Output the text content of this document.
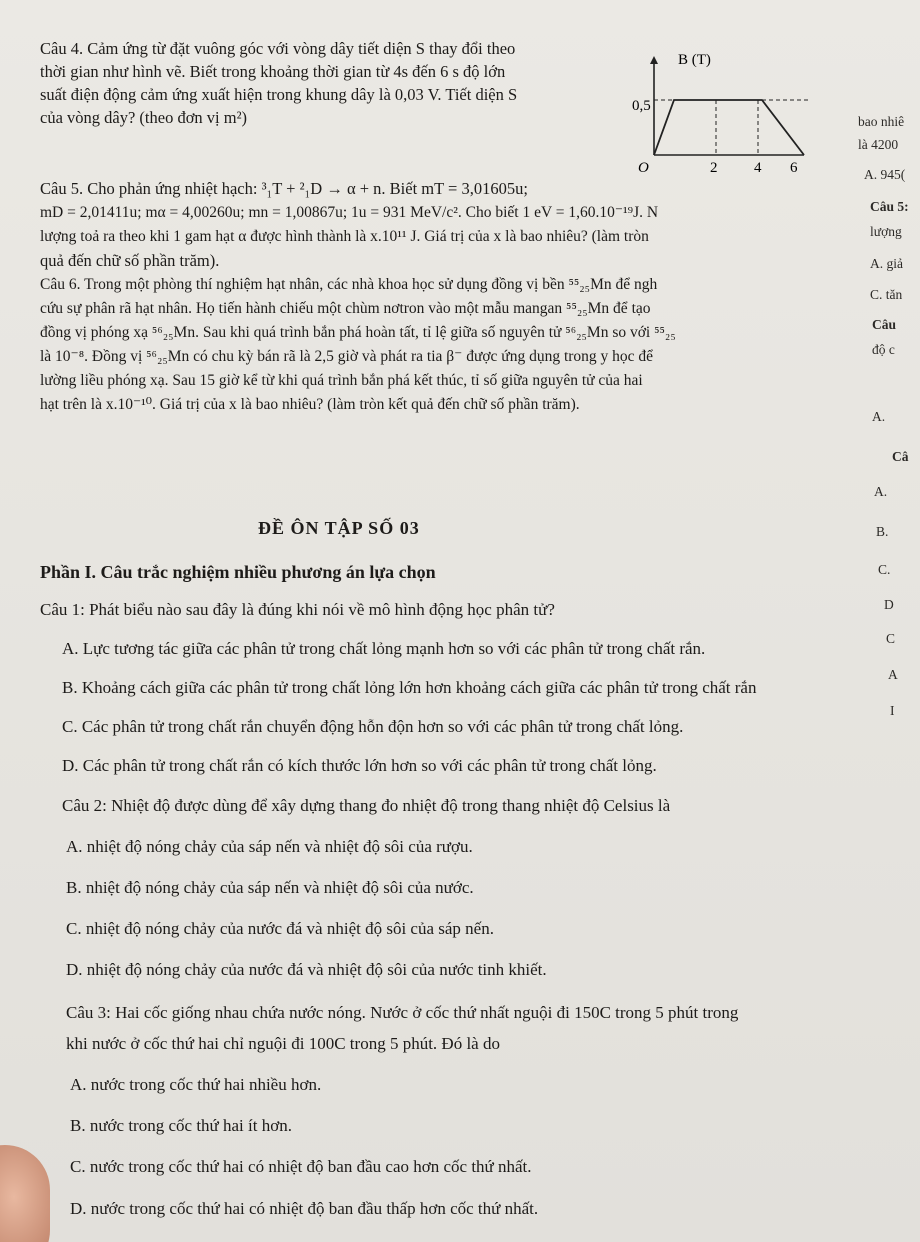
Câu 4. Cảm ứng từ đặt vuông góc với vòng dây tiết diện S thay đổi theo
thời gian như hình vẽ. Biết trong khoảng thời gian từ 4s đến 6 s độ lớn
suất điện động cảm ứng xuất hiện trong khung dây là 0,03 V. Tiết diện S
của vòng dây? (theo đơn vị m²)
B (T)
0,5
O	2 4 6
Câu 5. Cho phản ứng nhiệt hạch: ³₁T + ²₁D → α + n. Biết mT = 3,01605u;
mD = 2,01411u; mα = 4,00260u; mn = 1,00867u; 1u = 931 MeV/c². Cho biết 1 eV = 1,60.10⁻¹⁹J. N
lượng toả ra theo khi 1 gam hạt α được hình thành là x.10¹¹ J. Giá trị của x là bao nhiêu? (làm tròn
quả đến chữ số phần trăm).
Câu 6. Trong một phòng thí nghiệm hạt nhân, các nhà khoa học sử dụng đồng vị bền ⁵⁵₂₅Mn để ngh
cứu sự phân rã hạt nhân. Họ tiến hành chiếu một chùm nơtron vào một mẫu mangan ⁵⁵₂₅Mn để tạo
đồng vị phóng xạ ⁵⁶₂₅Mn. Sau khi quá trình bắn phá hoàn tất, tỉ lệ giữa số nguyên tử ⁵⁶₂₅Mn so với ⁵⁵₂₅
là 10⁻⁸. Đồng vị ⁵⁶₂₅Mn có chu kỳ bán rã là 2,5 giờ và phát ra tia β⁻ được ứng dụng trong y học để
lường liều phóng xạ. Sau 15 giờ kể từ khi quá trình bắn phá kết thúc, tỉ số giữa nguyên tử của hai
hạt trên là x.10⁻¹⁰. Giá trị của x là bao nhiêu? (làm tròn kết quả đến chữ số phần trăm).
bao nhiê
là 4200
A. 945(
Câu 5:
lượng
A. giả
C. tăn
Câu
độ c
A.
Câ
A.
B.
C.
D
C
A
I
ĐỀ ÔN TẬP SỐ 03
Phần I. Câu trắc nghiệm nhiều phương án lựa chọn
Câu 1: Phát biểu nào sau đây là đúng khi nói về mô hình động học phân tử?
A. Lực tương tác giữa các phân tử trong chất lỏng mạnh hơn so với các phân tử trong chất rắn.
B. Khoảng cách giữa các phân tử trong chất lỏng lớn hơn khoảng cách giữa các phân tử trong chất rắn
C. Các phân tử trong chất rắn chuyển động hỗn độn hơn so với các phân tử trong chất lỏng.
D. Các phân tử trong chất rắn có kích thước lớn hơn so với các phân tử trong chất lỏng.
Câu 2: Nhiệt độ được dùng để xây dựng thang đo nhiệt độ trong thang nhiệt độ Celsius là
A. nhiệt độ nóng chảy của sáp nến và nhiệt độ sôi của rượu.
B. nhiệt độ nóng chảy của sáp nến và nhiệt độ sôi của nước.
C. nhiệt độ nóng chảy của nước đá và nhiệt độ sôi của sáp nến.
D. nhiệt độ nóng chảy của nước đá và nhiệt độ sôi của nước tinh khiết.
Câu 3: Hai cốc giống nhau chứa nước nóng. Nước ở cốc thứ nhất nguội đi 150C trong 5 phút trong
khi nước ở cốc thứ hai chỉ nguội đi 100C trong 5 phút. Đó là do
A. nước trong cốc thứ hai nhiều hơn.
B. nước trong cốc thứ hai ít hơn.
C. nước trong cốc thứ hai có nhiệt độ ban đầu cao hơn cốc thứ nhất.
D. nước trong cốc thứ hai có nhiệt độ ban đầu thấp hơn cốc thứ nhất.
